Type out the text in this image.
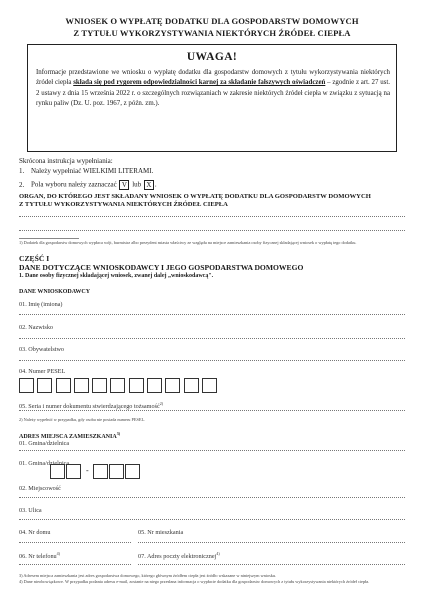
WNIOSEK O WYPŁATĘ DODATKU DLA GOSPODARSTW DOMOWYCH
Z TYTUŁU WYKORZYSTYWANIA NIEKTÓRYCH ŹRÓDEŁ CIEPŁA
UWAGA!
Informacje przedstawione we wniosku o wypłatę dodatku dla gospodarstw domowych z tytułu wykorzystywania niektórych źródeł ciepła składa się pod rygorem odpowiedzialności karnej za składanie fałszywych oświadczeń – zgodnie z art. 27 ust. 2 ustawy z dnia 15 września 2022 r. o szczególnych rozwiązaniach w zakresie niektórych źródeł ciepła w związku z sytuacją na rynku paliw (Dz. U. poz. 1967, z późn. zm.).
Skrócona instrukcja wypełniania:
1. Należy wypełniać WIELKIMI LITERAMI.
2. Pola wyboru należy zaznaczać V lub X .
ORGAN, DO KTÓREGO JEST SKŁADANY WNIOSEK O WYPŁATĘ DODATKU DLA GOSPODARSTW DOMOWYCH
Z TYTUŁU WYKORZYSTYWANIA NIEKTÓRYCH ŹRÓDEŁ CIEPŁA
1) Dodatek dla gospodarstw domowych wypłaca wójt, burmistrz albo prezydent miasta właściwy ze względu na miejsce zamieszkania osoby fizycznej składającej wniosek o wypłatę tego dodatku.
CZĘŚĆ I
DANE DOTYCZĄCE WNIOSKODAWCY I JEGO GOSPODARSTWA DOMOWEGO
1. Dane osoby fizycznej składającej wniosek, zwanej dalej „wnioskodawcą".
DANE WNIOSKODAWCY
01. Imię (imiona)
02. Nazwisko
03. Obywatelstwo
04. Numer PESEL
05. Seria i numer dokumentu stwierdzającego tożsamość$^{2)}$
2) Należy wypełnić w przypadku, gdy osoba nie posiada numeru PESEL.
ADRES MIEJSCA ZAMIESZKANIA$^{3)}$
01. Gmina/dzielnica
01. Gmina/dzielnica
-
02. Miejscowość
03. Ulica
04. Nr domu	05. Nr mieszkania
06. Nr telefonu$^{4)}$	07. Adres poczty elektronicznej$^{4)}$
3) Adresem miejsca zamieszkania jest adres gospodarstwa domowego, którego głównym źródłem ciepła jest źródło wskazane w niniejszym wniosku.
4) Dane nieobowiązkowe. W przypadku podania adresu e-mail, zostanie na niego przesłana informacja o wypłacie dodatku dla gospodarstw domowych z tytułu wykorzystywania niektórych źródeł ciepła.
